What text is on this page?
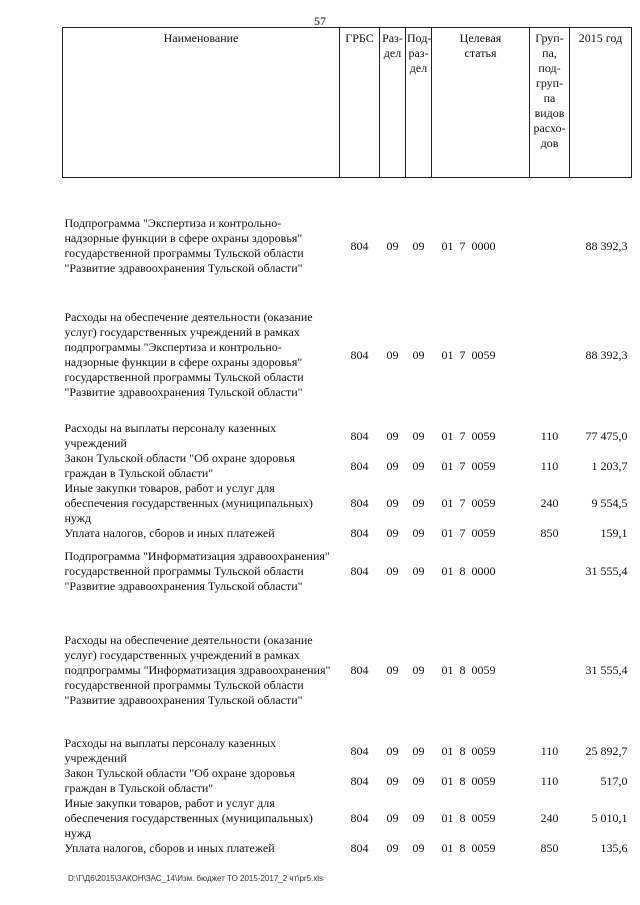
57
Наименование	ГРБС	Раз-дел	Под-раз-дел	Целевая статья	Груп-па, под-груп-па видов расхо-дов	2015 год

Подпрограмма "Экспертиза и контрольно-надзорные функции в сфере охраны здоровья" государственной программы Тульской области "Развитие здравоохранения Тульской области"	804	09	09	01 7 0000		88 392,3

Расходы на обеспечение деятельности (оказание услуг) государственных учреждений в рамках подпрограммы "Экспертиза и контрольно-надзорные функции в сфере охраны здоровья" государственной программы Тульской области "Развитие здравоохранения Тульской области"	804	09	09	01 7 0059		88 392,3

Расходы на выплаты персоналу казенных учреждений	804	09	09	01 7 0059	110	77 475,0
Закон Тульской области "Об охране здоровья граждан в Тульской области"	804	09	09	01 7 0059	110	1 203,7
Иные закупки товаров, работ и услуг для обеспечения государственных (муниципальных) нужд	804	09	09	01 7 0059	240	9 554,5
Уплата налогов, сборов и иных платежей	804	09	09	01 7 0059	850	159,1
Подпрограмма "Информатизация здравоохранения" государственной программы Тульской области "Развитие здравоохранения Тульской области"	804	09	09	01 8 0000		31 555,4

Расходы на обеспечение деятельности (оказание услуг) государственных учреждений в рамках подпрограммы "Информатизация здравоохранения" государственной программы Тульской области "Развитие здравоохранения Тульской области"	804	09	09	01 8 0059		31 555,4

Расходы на выплаты персоналу казенных учреждений	804	09	09	01 8 0059	110	25 892,7
Закон Тульской области "Об охране здоровья граждан в Тульской области"	804	09	09	01 8 0059	110	517,0
Иные закупки товаров, работ и услуг для обеспечения государственных (муниципальных) нужд	804	09	09	01 8 0059	240	5 010,1
Уплата налогов, сборов и иных платежей	804	09	09	01 8 0059	850	135,6
D:\Г\Д6\2015\ЗАКОН\ЗАС_14\Изм. бюджет ТО 2015-2017_2 чт\pr5.xls
